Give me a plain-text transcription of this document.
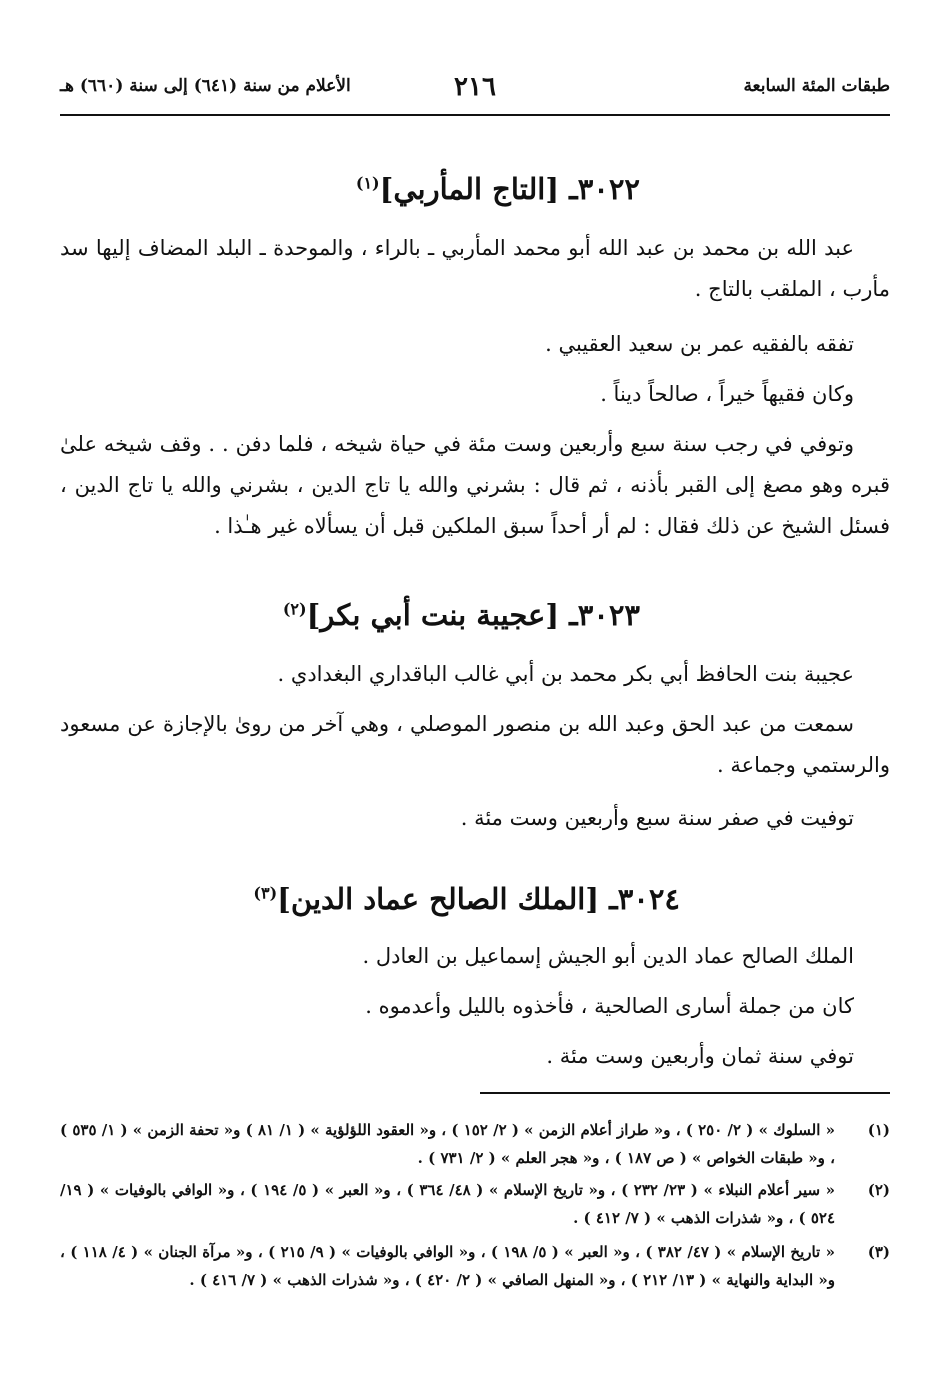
طبقات المئة السابعة
٢١٦
الأعلام من سنة (٦٤١) إلى سنة (٦٦٠) هـ
٣٠٢٢ـ [التاج المأربي]$^{(١)}$
عبد الله بن محمد بن عبد الله أبو محمد المأربي ـ بالراء ، والموحدة ـ البلد المضاف إليها سد مأرب ، الملقب بالتاج .
تفقه بالفقيه عمر بن سعيد العقيبي .
وكان فقيهاً خيراً ، صالحاً ديناً .
وتوفي في رجب سنة سبع وأربعين وست مئة في حياة شيخه ، فلما دفن . . وقف شيخه علىٰ قبره وهو مصغ إلى القبر بأذنه ، ثم قال : بشرني والله يا تاج الدين ، بشرني والله يا تاج الدين ، فسئل الشيخ عن ذلك فقال : لم أر أحداً سبق الملكين قبل أن يسألاه غير هـٰذا .
٣٠٢٣ـ [عجيبة بنت أبي بكر]$^{(٢)}$
عجيبة بنت الحافظ أبي بكر محمد بن أبي غالب الباقداري البغدادي .
سمعت من عبد الحق وعبد الله بن منصور الموصلي ، وهي آخر من روىٰ بالإجازة عن مسعود والرستمي وجماعة .
توفيت في صفر سنة سبع وأربعين وست مئة .
٣٠٢٤ـ [الملك الصالح عماد الدين]$^{(٣)}$
الملك الصالح عماد الدين أبو الجيش إسماعيل بن العادل .
كان من جملة أسارى الصالحية ، فأخذوه بالليل وأعدموه .
توفي سنة ثمان وأربعين وست مئة .
(١)
« السلوك » ( ٢/ ٢٥٠ ) ، و« طراز أعلام الزمن » ( ٢/ ١٥٢ ) ، و« العقود اللؤلؤية » ( ١/ ٨١ ) و« تحفة الزمن » ( ١/ ٥٣٥ ) ، و« طبقات الخواص » ( ص ١٨٧ ) ، و« هجر العلم » ( ٢/ ٧٣١ ) .
(٢)
« سير أعلام النبلاء » ( ٢٣/ ٢٣٢ ) ، و« تاريخ الإسلام » ( ٤٨/ ٣٦٤ ) ، و« العبر » ( ٥/ ١٩٤ ) ، و« الوافي بالوفيات » ( ١٩/ ٥٢٤ ) ، و« شذرات الذهب » ( ٧/ ٤١٢ ) .
(٣)
« تاريخ الإسلام » ( ٤٧/ ٣٨٢ ) ، و« العبر » ( ٥/ ١٩٨ ) ، و« الوافي بالوفيات » ( ٩/ ٢١٥ ) ، و« مرآة الجنان » ( ٤/ ١١٨ ) ، و« البداية والنهاية » ( ١٣/ ٢١٢ ) ، و« المنهل الصافي » ( ٢/ ٤٢٠ ) ، و« شذرات الذهب » ( ٧/ ٤١٦ ) .
